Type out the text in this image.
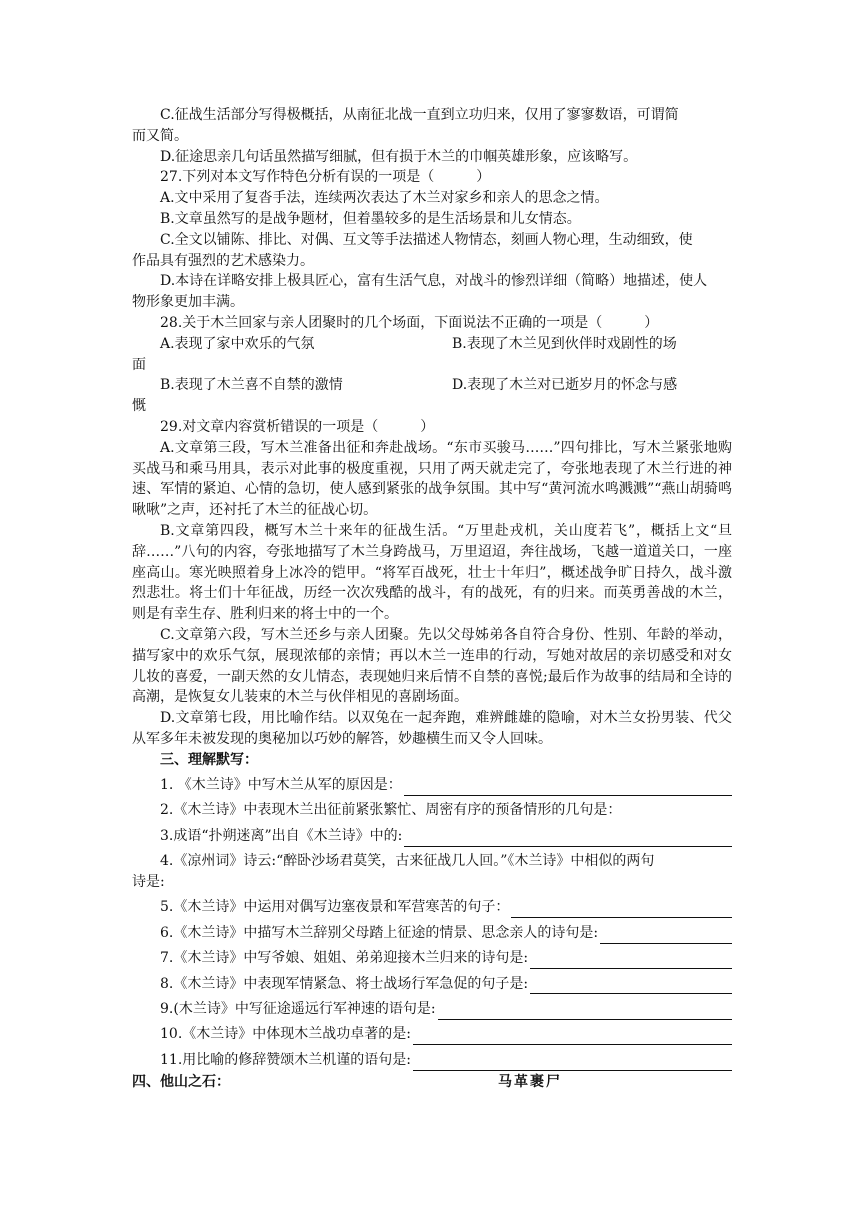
C.征战生活部分写得极概括，从南征北战一直到立功归来，仅用了寥寥数语，可谓简

而又简。

D.征途思亲几句话虽然描写细腻，但有损于木兰的巾帼英雄形象，应该略写。

27.下列对本文写作特色分析有误的一项是（　　　）

A.文中采用了复沓手法，连续两次表达了木兰对家乡和亲人的思念之情。

B.文章虽然写的是战争题材，但着墨较多的是生活场景和儿女情态。

C.全文以铺陈、排比、对偶、互文等手法描述人物情态，刻画人物心理，生动细致，使

作品具有强烈的艺术感染力。

D.本诗在详略安排上极具匠心，富有生活气息，对战斗的惨烈详细（简略）地描述，使人

物形象更加丰满。

28.关于木兰回家与亲人团聚时的几个场面，下面说法不正确的一项是（　　　）

A.表现了家中欢乐的气氛	B.表现了木兰见到伙伴时戏剧性的场

面

B.表现了木兰喜不自禁的激情	D.表现了木兰对已逝岁月的怀念与感

慨

29.对文章内容赏析错误的一项是（　　　）

A.文章第三段，写木兰准备出征和奔赴战场。“东市买骏马……”四句排比，写木兰紧张地购买战马和乘马用具，表示对此事的极度重视，只用了两天就走完了，夸张地表现了木兰行进的神速、军情的紧迫、心情的急切，使人感到紧张的战争氛围。其中写“黄河流水鸣溅溅”“燕山胡骑鸣啾啾”之声，还衬托了木兰的征战心切。

B.文章第四段，概写木兰十来年的征战生活。“万里赴戎机，关山度若飞”，概括上文“旦辞……”八句的内容，夸张地描写了木兰身跨战马，万里迢迢，奔往战场，飞越一道道关口，一座座高山。寒光映照着身上冰冷的铠甲。“将军百战死，壮士十年归”，概述战争旷日持久，战斗激烈悲壮。将士们十年征战，历经一次次残酷的战斗，有的战死，有的归来。而英勇善战的木兰，则是有幸生存、胜利归来的将士中的一个。

C.文章第六段，写木兰还乡与亲人团聚。先以父母姊弟各自符合身份、性别、年龄的举动，描写家中的欢乐气氛，展现浓郁的亲情；再以木兰一连串的行动，写她对故居的亲切感受和对女儿妆的喜爱，一副天然的女儿情态，表现她归来后情不自禁的喜悦;最后作为故事的结局和全诗的高潮，是恢复女儿装束的木兰与伙伴相见的喜剧场面。

D.文章第七段，用比喻作结。以双兔在一起奔跑，难辨雌雄的隐喻，对木兰女扮男装、代父从军多年未被发现的奥秘加以巧妙的解答，妙趣横生而又令人回味。

三、理解默写：

1. 《木兰诗》中写木兰从军的原因是：
2.《木兰诗》中表现木兰出征前紧张繁忙、周密有序的预备情形的几句是：
3.成语“扑朔迷离”出自《木兰诗》中的:
4.《凉州词》诗云:“醉卧沙场君莫笑，古来征战几人回。”《木兰诗》中相似的两句

诗是:

5.《木兰诗》中运用对偶写边塞夜景和军营寒苦的句子：
6.《木兰诗》中描写木兰辞别父母踏上征途的情景、思念亲人的诗句是:
7.《木兰诗》中写爷娘、姐姐、弟弟迎接木兰归来的诗句是:
8.《木兰诗》中表现军情紧急、将士战场行军急促的句子是:
9.(木兰诗》中写征途遥远行军神速的语句是:
10.《木兰诗》中体现木兰战功卓著的是:
11.用比喻的修辞赞颂木兰机谨的语句是:
四、他山之石：	马革裹尸
